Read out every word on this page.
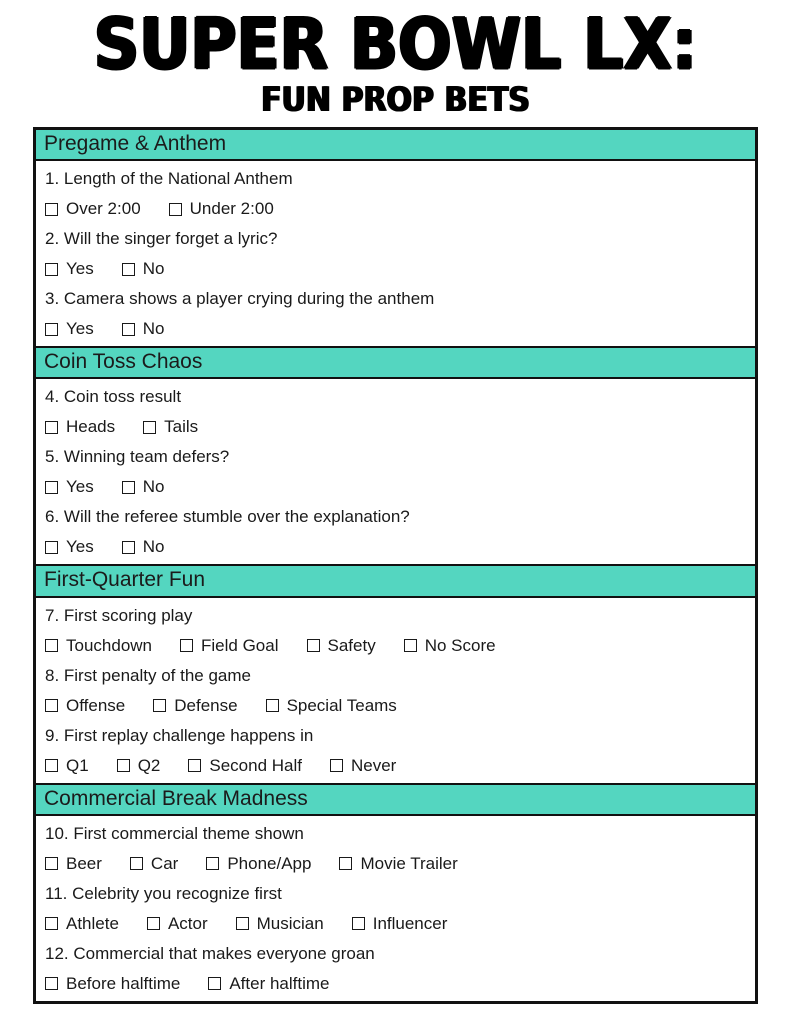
SUPER BOWL LX:
FUN PROP BETS
Pregame & Anthem
1. Length of the National Anthem
Over 2:00	Under 2:00
2. Will the singer forget a lyric?
Yes	No
3. Camera shows a player crying during the anthem
Yes	No
Coin Toss Chaos
4. Coin toss result
Heads	Tails
5. Winning team defers?
Yes	No
6. Will the referee stumble over the explanation?
Yes	No
First-Quarter Fun
7. First scoring play
Touchdown	Field Goal	Safety	No Score
8. First penalty of the game
Offense	Defense	Special Teams
9. First replay challenge happens in
Q1	Q2	Second Half	Never
Commercial Break Madness
10. First commercial theme shown
Beer	Car	Phone/App	Movie Trailer
11. Celebrity you recognize first
Athlete	Actor	Musician	Influencer
12. Commercial that makes everyone groan
Before halftime	After halftime
